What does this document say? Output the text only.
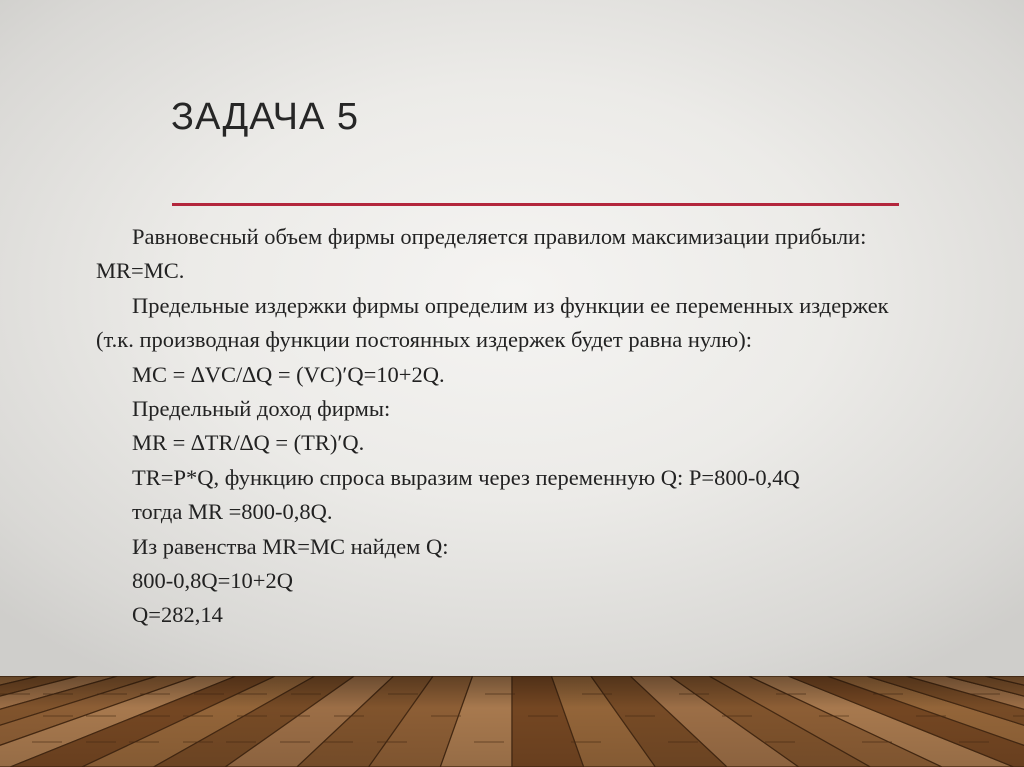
ЗАДАЧА 5

Равновесный объем фирмы определяется правилом максимизации прибыли: MR=MC.

Предельные издержки фирмы определим из функции ее переменных издержек (т.к. производная функции постоянных издержек будет равна нулю):

MC = ∆VC/∆Q = (VC)′Q=10+2Q.

Предельный доход фирмы:

MR = ∆TR/∆Q = (TR)′Q.

TR=P*Q, функцию спроса выразим через переменную Q: P=800-0,4Q

тогда MR =800-0,8Q.

Из равенства MR=MC найдем Q:

800-0,8Q=10+2Q

Q=282,14
